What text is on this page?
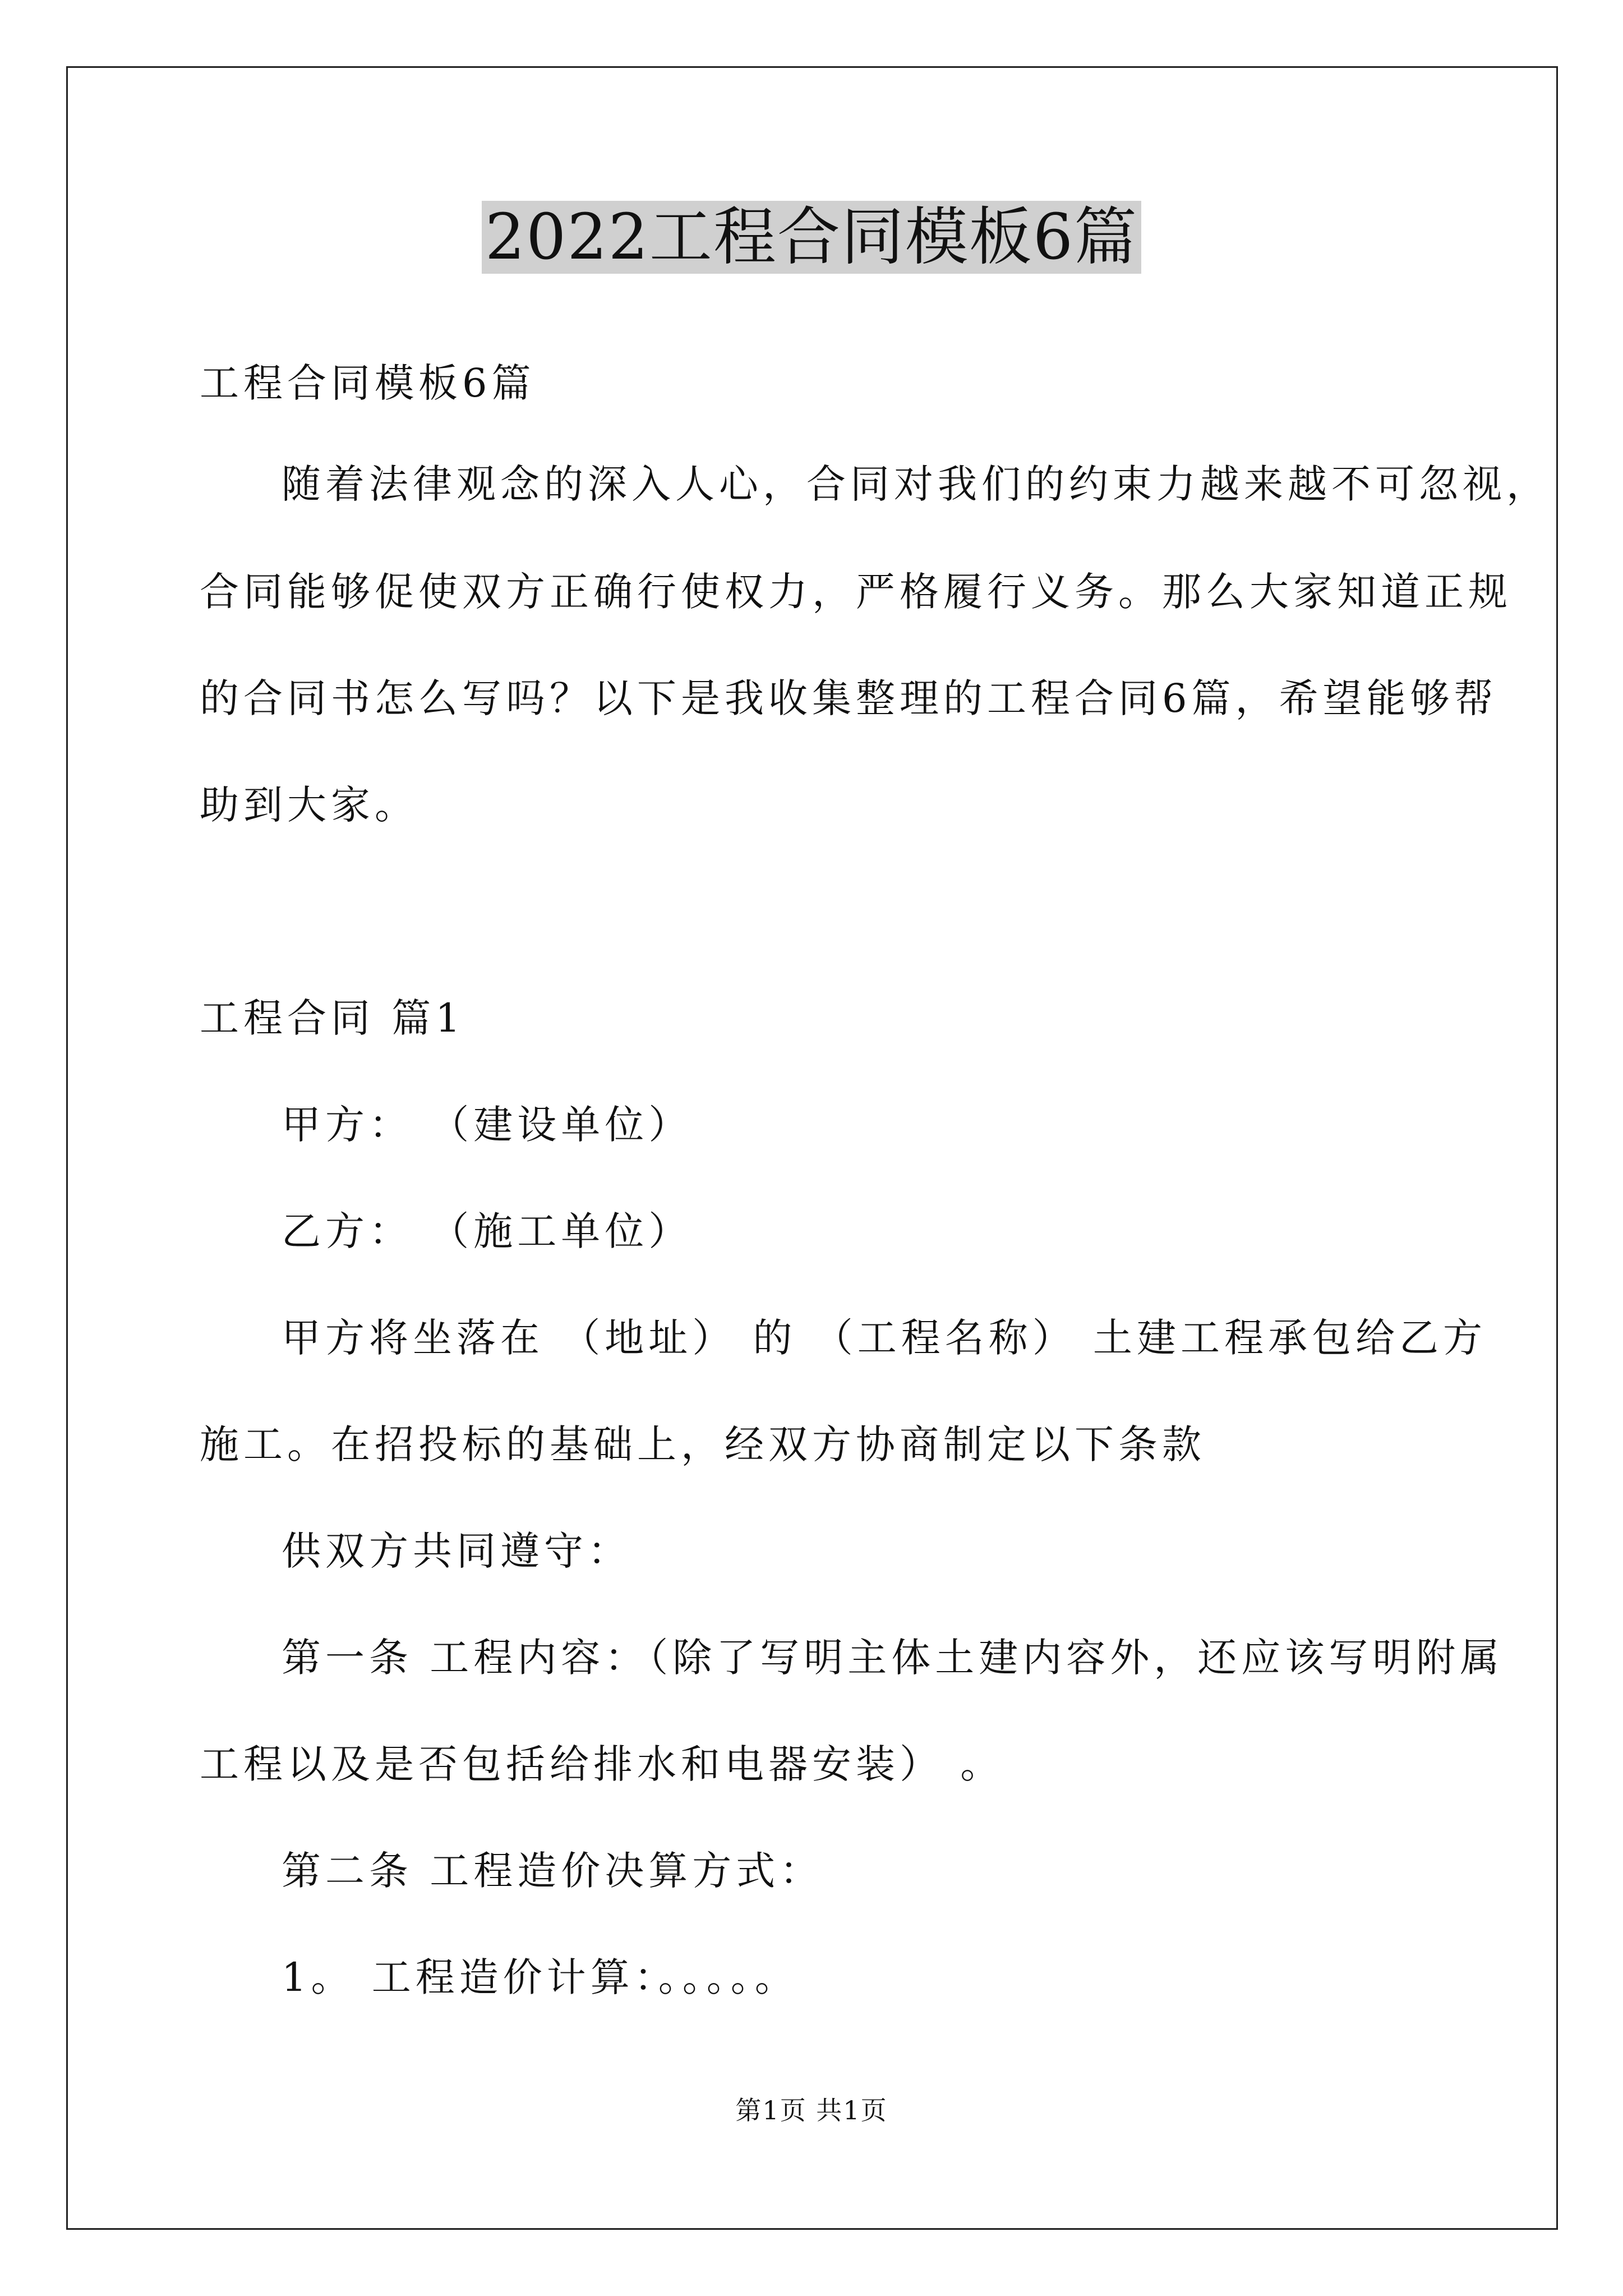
2022工程合同模板6篇
工程合同模板6篇
随着法律观念的深入人心，合同对我们的约束力越来越不可忽视，
合同能够促使双方正确行使权力，严格履行义务。那么大家知道正规
的合同书怎么写吗？以下是我收集整理的工程合同6篇，希望能够帮
助到大家。
工程合同 篇1
甲方： （建设单位）
乙方： （施工单位）
甲方将坐落在 （地址） 的 （工程名称） 土建工程承包给乙方
施工。在招投标的基础上，经双方协商制定以下条款
供双方共同遵守：
第一条 工程内容：（除了写明主体土建内容外，还应该写明附属
工程以及是否包括给排水和电器安装） 。
第二条 工程造价决算方式：
1。 工程造价计算：。。。。。
第1页 共1页
